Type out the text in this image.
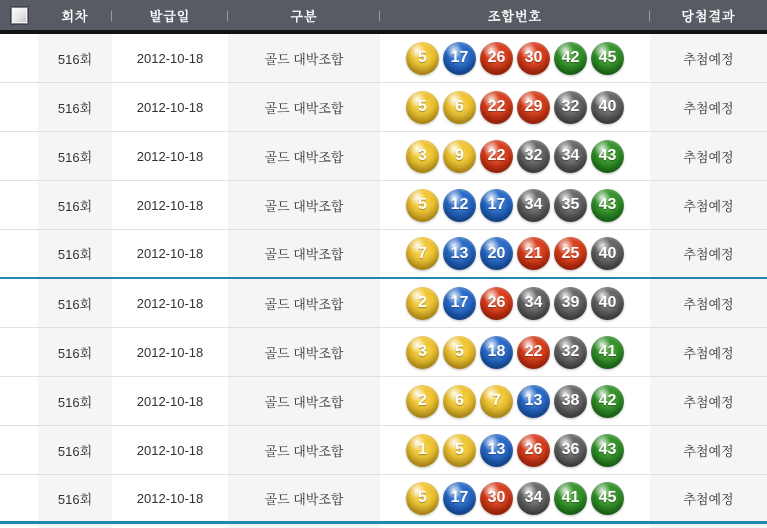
회차 |	발급일	|	구분	|	조합번호	| 당첨결과
516회	2012-10-18	골드 대박조합	5	17	26	30	42	45	추첨예정
516회	2012-10-18	골드 대박조합	5	6	22	29	32	40	추첨예정
516회	2012-10-18	골드 대박조합	3	9	22	32	34	43	추첨예정
516회	2012-10-18	골드 대박조합	5	12	17	34	35	43	추첨예정
516회	2012-10-18	골드 대박조합	7	13	20	21	25	40	추첨예정
516회	2012-10-18	골드 대박조합	2	17	26	34	39	40	추첨예정
516회	2012-10-18	골드 대박조합	3	5	18	22	32	41	추첨예정
516회	2012-10-18	골드 대박조합	2	6	7	13	38	42	추첨예정
516회	2012-10-18	골드 대박조합	1	5	13	26	36	43	추첨예정
516회	2012-10-18	골드 대박조합	5	17	30	34	41	45	추첨예정
